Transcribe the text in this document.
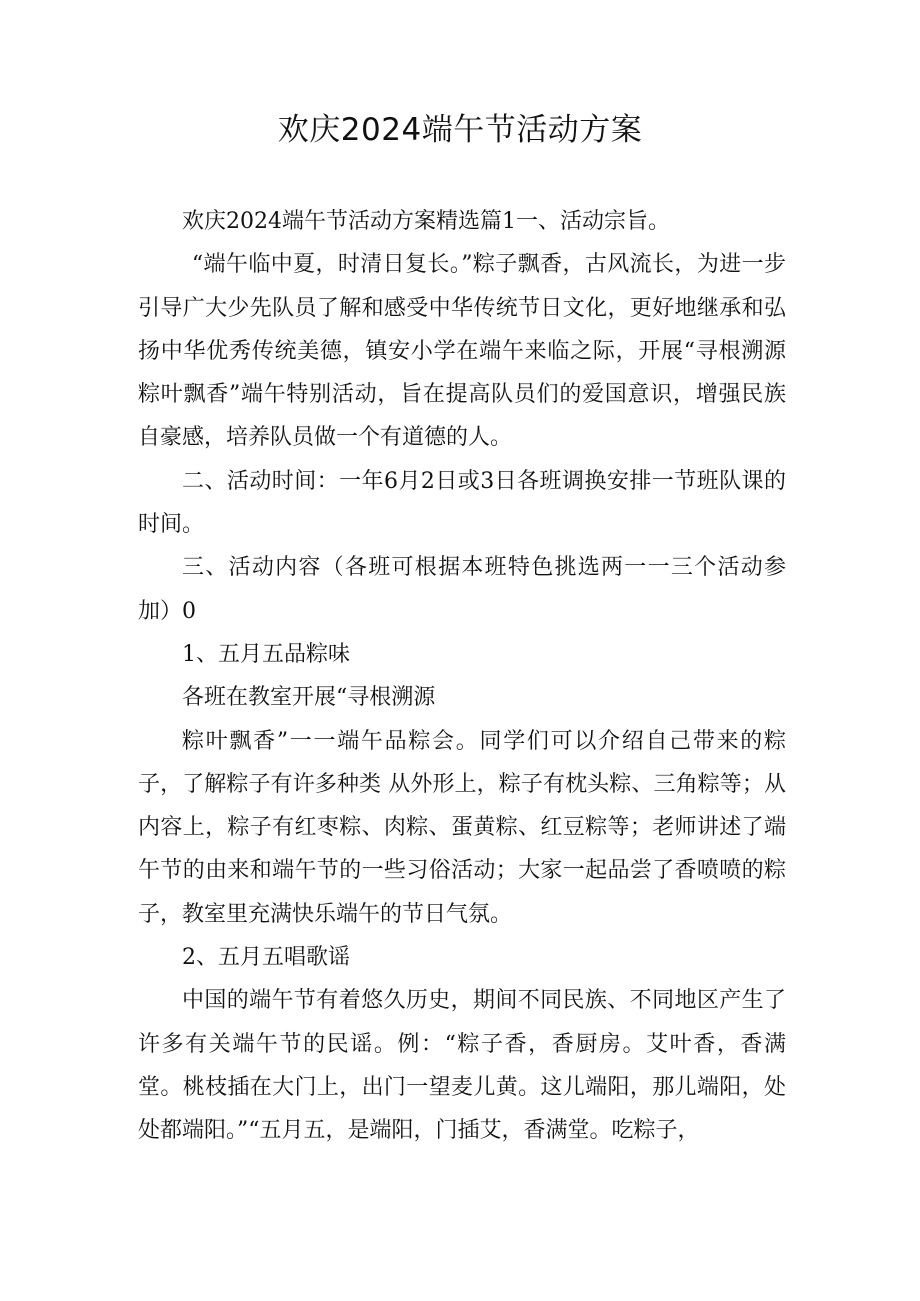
欢庆2024端午节活动方案

欢庆2024端午节活动方案精选篇1一、活动宗旨。

“端午临中夏，时清日复长。”粽子飘香，古风流长，为进一步引导广大少先队员了解和感受中华传统节日文化，更好地继承和弘扬中华优秀传统美德，镇安小学在端午来临之际，开展“寻根溯源粽叶飘香”端午特别活动，旨在提高队员们的爱国意识，增强民族自豪感，培养队员做一个有道德的人。

二、活动时间：一年6月2日或3日各班调换安排一节班队课的时间。

三、活动内容（各班可根据本班特色挑选两一一三个活动参加）0

1、五月五品粽味

各班在教室开展“寻根溯源

粽叶飘香”一一端午品粽会。同学们可以介绍自己带来的粽子，了解粽子有许多种类 从外形上，粽子有枕头粽、三角粽等；从内容上，粽子有红枣粽、肉粽、蛋黄粽、红豆粽等；老师讲述了端午节的由来和端午节的一些习俗活动；大家一起品尝了香喷喷的粽子，教室里充满快乐端午的节日气氛。

2、五月五唱歌谣

中国的端午节有着悠久历史，期间不同民族、不同地区产生了许多有关端午节的民谣。例：“粽子香，香厨房。艾叶香，香满堂。桃枝插在大门上，出门一望麦儿黄。这儿端阳，那儿端阳，处处都端阳。”“五月五，是端阳，门插艾，香满堂。吃粽子，
